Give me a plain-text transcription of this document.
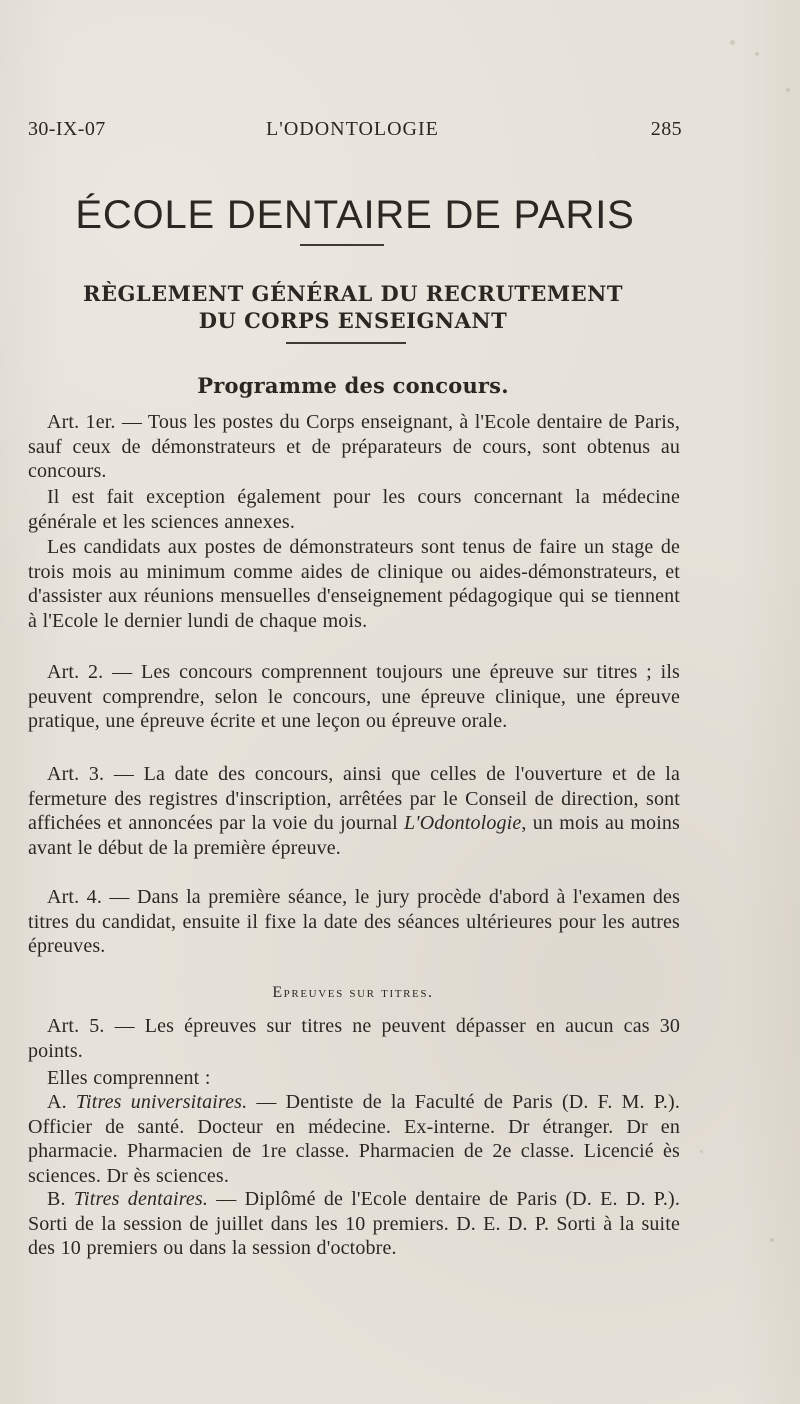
30-IX-07	L'ODONTOLOGIE	285
ÉCOLE DENTAIRE DE PARIS
RÈGLEMENT GÉNÉRAL DU RECRUTEMENT
DU CORPS ENSEIGNANT
Programme des concours.
Art. 1er. — Tous les postes du Corps enseignant, à l'Ecole dentaire de Paris, sauf ceux de démonstrateurs et de préparateurs de cours, sont obtenus au concours.
Il est fait exception également pour les cours concernant la médecine générale et les sciences annexes.
Les candidats aux postes de démonstrateurs sont tenus de faire un stage de trois mois au minimum comme aides de clinique ou aides-démonstrateurs, et d'assister aux réunions mensuelles d'enseignement pédagogique qui se tiennent à l'Ecole le dernier lundi de chaque mois.
Art. 2. — Les concours comprennent toujours une épreuve sur titres ; ils peuvent comprendre, selon le concours, une épreuve clinique, une épreuve pratique, une épreuve écrite et une leçon ou épreuve orale.
Art. 3. — La date des concours, ainsi que celles de l'ouverture et de la fermeture des registres d'inscription, arrêtées par le Conseil de direction, sont affichées et annoncées par la voie du journal L'Odontologie, un mois au moins avant le début de la première épreuve.
Art. 4. — Dans la première séance, le jury procède d'abord à l'examen des titres du candidat, ensuite il fixe la date des séances ultérieures pour les autres épreuves.
Epreuves sur titres.
Art. 5. — Les épreuves sur titres ne peuvent dépasser en aucun cas 30 points.
Elles comprennent :
A. Titres universitaires. — Dentiste de la Faculté de Paris (D. F. M. P.). Officier de santé. Docteur en médecine. Ex-interne. Dr étranger. Dr en pharmacie. Pharmacien de 1re classe. Pharmacien de 2e classe. Licencié ès sciences. Dr ès sciences.
B. Titres dentaires. — Diplômé de l'Ecole dentaire de Paris (D. E. D. P.). Sorti de la session de juillet dans les 10 premiers. D. E. D. P. Sorti à la suite des 10 premiers ou dans la session d'octobre.
